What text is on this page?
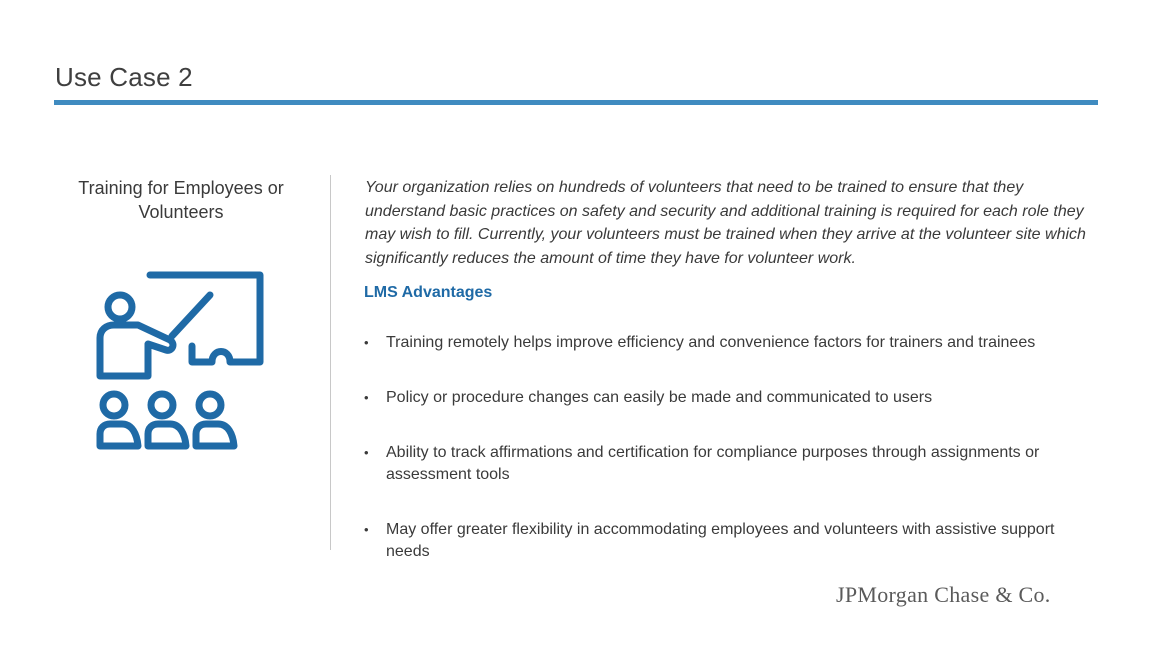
Use Case 2
Training for Employees or Volunteers
Your organization relies on hundreds of volunteers that need to be trained to ensure that they understand basic practices on safety and security and additional training is required for each role they may wish to fill. Currently, your volunteers must be trained when they arrive at the volunteer site which significantly reduces the amount of time they have for volunteer work.
LMS Advantages
• Training remotely helps improve efficiency and convenience factors for trainers and trainees
• Policy or procedure changes can easily be made and communicated to users
• Ability to track affirmations and certification for compliance purposes through assignments or assessment tools
• May offer greater flexibility in accommodating employees and volunteers with assistive support needs
JPMorgan Chase & Co.
